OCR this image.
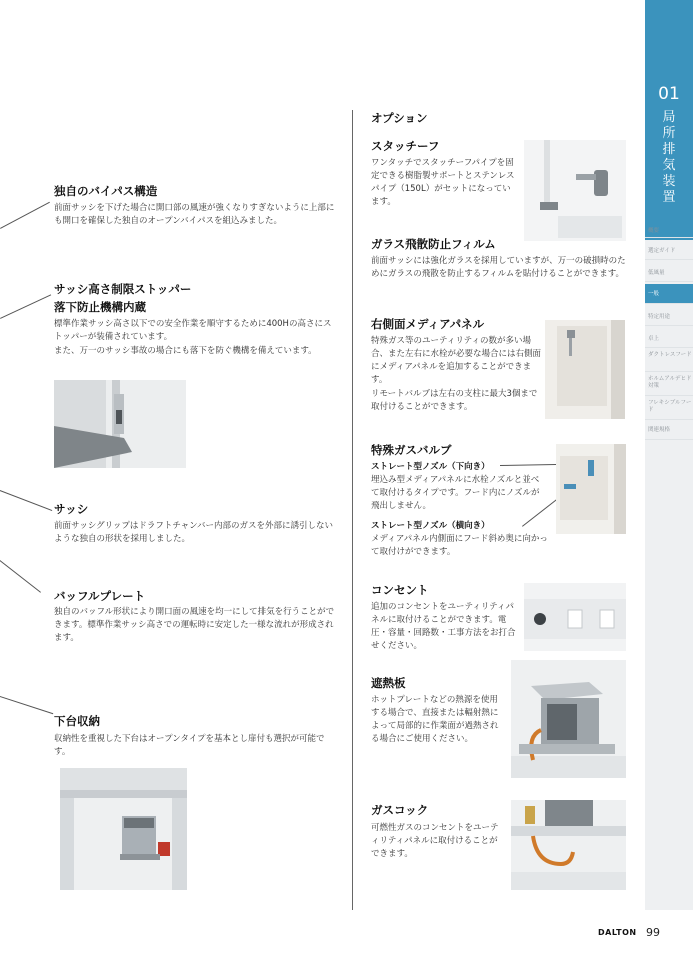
01
局所排気装置
概要
選定ガイド
低風量
一般
特定用途
卓上
ダクトレスフード
ホルムアルデヒド対策
フレキシブルフード
関連規格
独自のバイパス構造
前面サッシを下げた場合に開口部の風速が強くなりすぎないように上部にも開口を確保した独自のオープンバイパスを組込みました。
サッシ高さ制限ストッパー
落下防止機構内蔵
標準作業サッシ高さ以下での安全作業を順守するために400Hの高さにストッパーが装備されています。
また、万一のサッシ事故の場合にも落下を防ぐ機構を備えています。
サッシ
前面サッシグリップはドラフトチャンバー内部のガスを外部に誘引しないような独自の形状を採用しました。
バッフルプレート
独自のバッフル形状により開口面の風速を均一にして排気を行うことができます。標準作業サッシ高さでの運転時に安定した一様な流れが形成されます。
下台収納
収納性を重視した下台はオープンタイプを基本とし扉付も選択が可能です。
オプション
スタッチーフ
ワンタッチでスタッチーフパイプを固定できる樹脂製サポートとステンレスパイプ（150L）がセットになっています。
ガラス飛散防止フィルム
前面サッシには強化ガラスを採用していますが、万一の破損時のためにガラスの飛散を防止するフィルムを貼付けることができます。
右側面メディアパネル
特殊ガス等のユーティリティの数が多い場合、また左右に水栓が必要な場合には右側面にメディアパネルを追加することができます。
リモートバルブは左右の支柱に最大3個まで取付けることができます。
特殊ガスバルブ
ストレート型ノズル（下向き）
埋込み型メディアパネルに水栓ノズルと並べて取付けるタイプです。フード内にノズルが飛出しません。
ストレート型ノズル（横向き）
メディアパネル内側面にフード斜め奥に向かって取付けができます。
コンセント
追加のコンセントをユーティリティパネルに取付けることができます。電圧・容量・回路数・工事方法をお打合せください。
遮熱板
ホットプレートなどの熱源を使用する場合で、直接または輻射熱によって局部的に作業面が過熱される場合にご使用ください。
ガスコック
可燃性ガスのコンセントをユーティリティパネルに取付けることができます。
DALTON 99
